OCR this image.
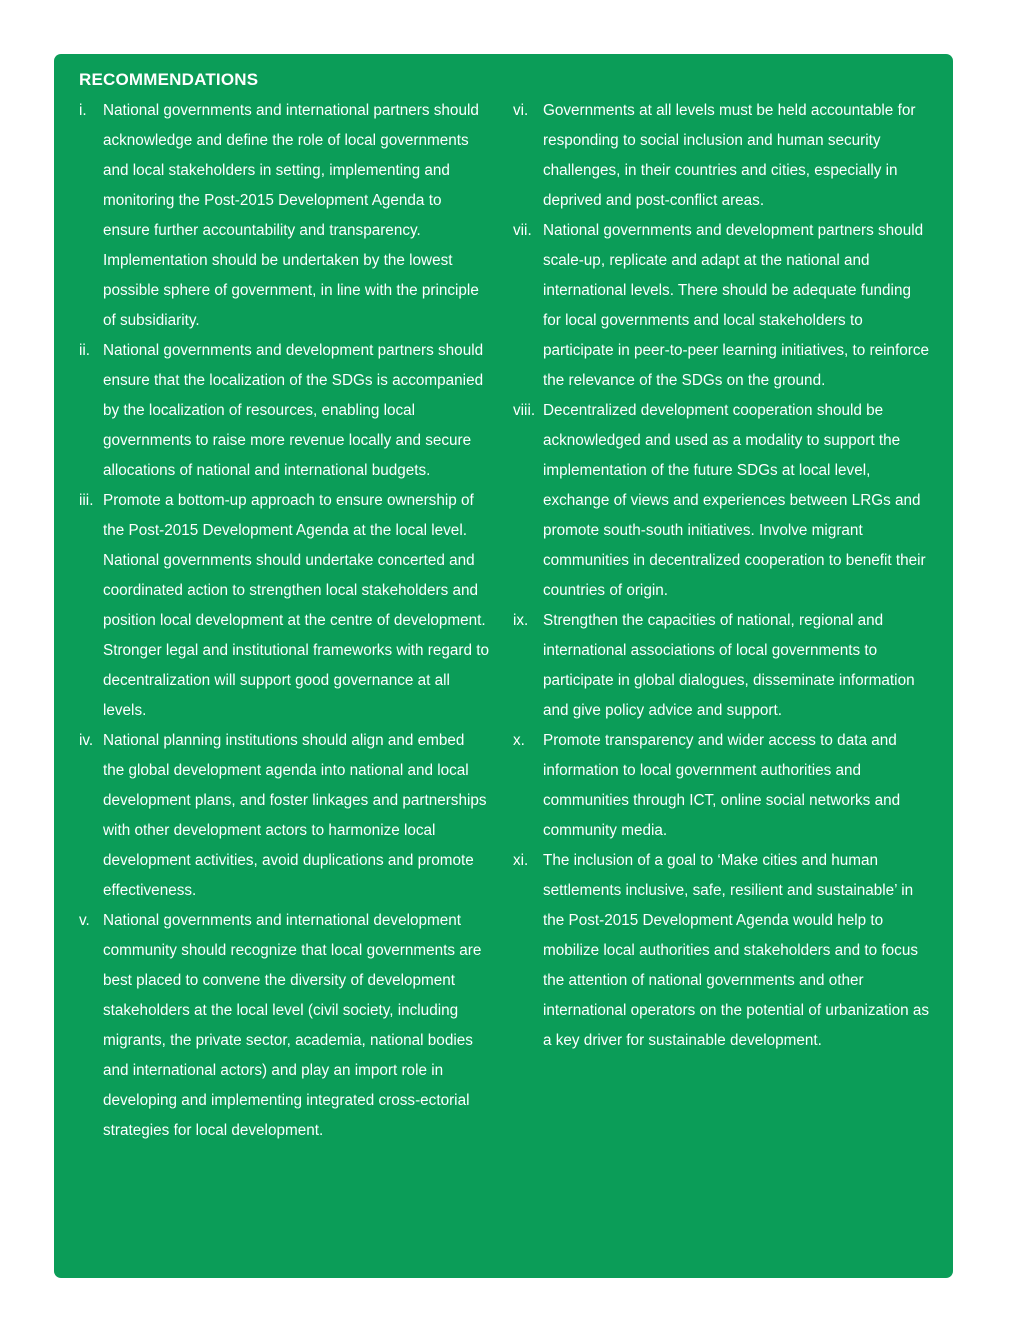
RECOMMENDATIONS
i.	National governments and international partners should acknowledge and define the role of local governments and local stakeholders in setting, implementing and monitoring the Post-2015 Development Agenda to ensure further accountability and transparency. Implementation should be undertaken by the lowest possible sphere of government, in line with the principle of subsidiarity.
ii. National governments and development partners should ensure that the localization of the SDGs is accompanied by the localization of resources, enabling local governments to raise more revenue locally and secure allocations of national and international budgets.
iii. Promote a bottom-up approach to ensure ownership of the Post-2015 Development Agenda at the local level. National governments should undertake concerted and coordinated action to strengthen local stakeholders and position local development at the centre of development. Stronger legal and institutional frameworks with regard to decentralization will support good governance at all levels.
iv. National planning institutions should align and embed the global development agenda into national and local development plans, and foster linkages and partnerships with other development actors to harmonize local development activities, avoid duplications and promote effectiveness.
v. National governments and international development community should recognize that local governments are best placed to convene the diversity of development stakeholders at the local level (civil society, including migrants, the private sector, academia, national bodies and international actors) and play an import role in developing and implementing integrated cross-ectorial strategies for local development.
vi. Governments at all levels must be held accountable for responding to social inclusion and human security challenges, in their countries and cities, especially in deprived and post-conflict areas.
vii. National governments and development partners should scale-up, replicate and adapt at the national and international levels. There should be adequate funding for local governments and local stakeholders to participate in peer-to-peer learning initiatives, to reinforce the relevance of the SDGs on the ground.
viii. Decentralized development cooperation should be acknowledged and used as a modality to support the implementation of the future SDGs at local level, exchange of views and experiences between LRGs and promote south-south initiatives. Involve migrant communities in decentralized cooperation to benefit their countries of origin.
ix. Strengthen the capacities of national, regional and international associations of local governments to participate in global dialogues, disseminate information and give policy advice and support.
x.	Promote transparency and wider access to data and information to local government authorities and communities through ICT, online social networks and community media.
xi. The inclusion of a goal to ‘Make cities and human settlements inclusive, safe, resilient and sustainable’ in the Post-2015 Development Agenda would help to mobilize local authorities and stakeholders and to focus the attention of national governments and other international operators on the potential of urbanization as a key driver for sustainable development.
